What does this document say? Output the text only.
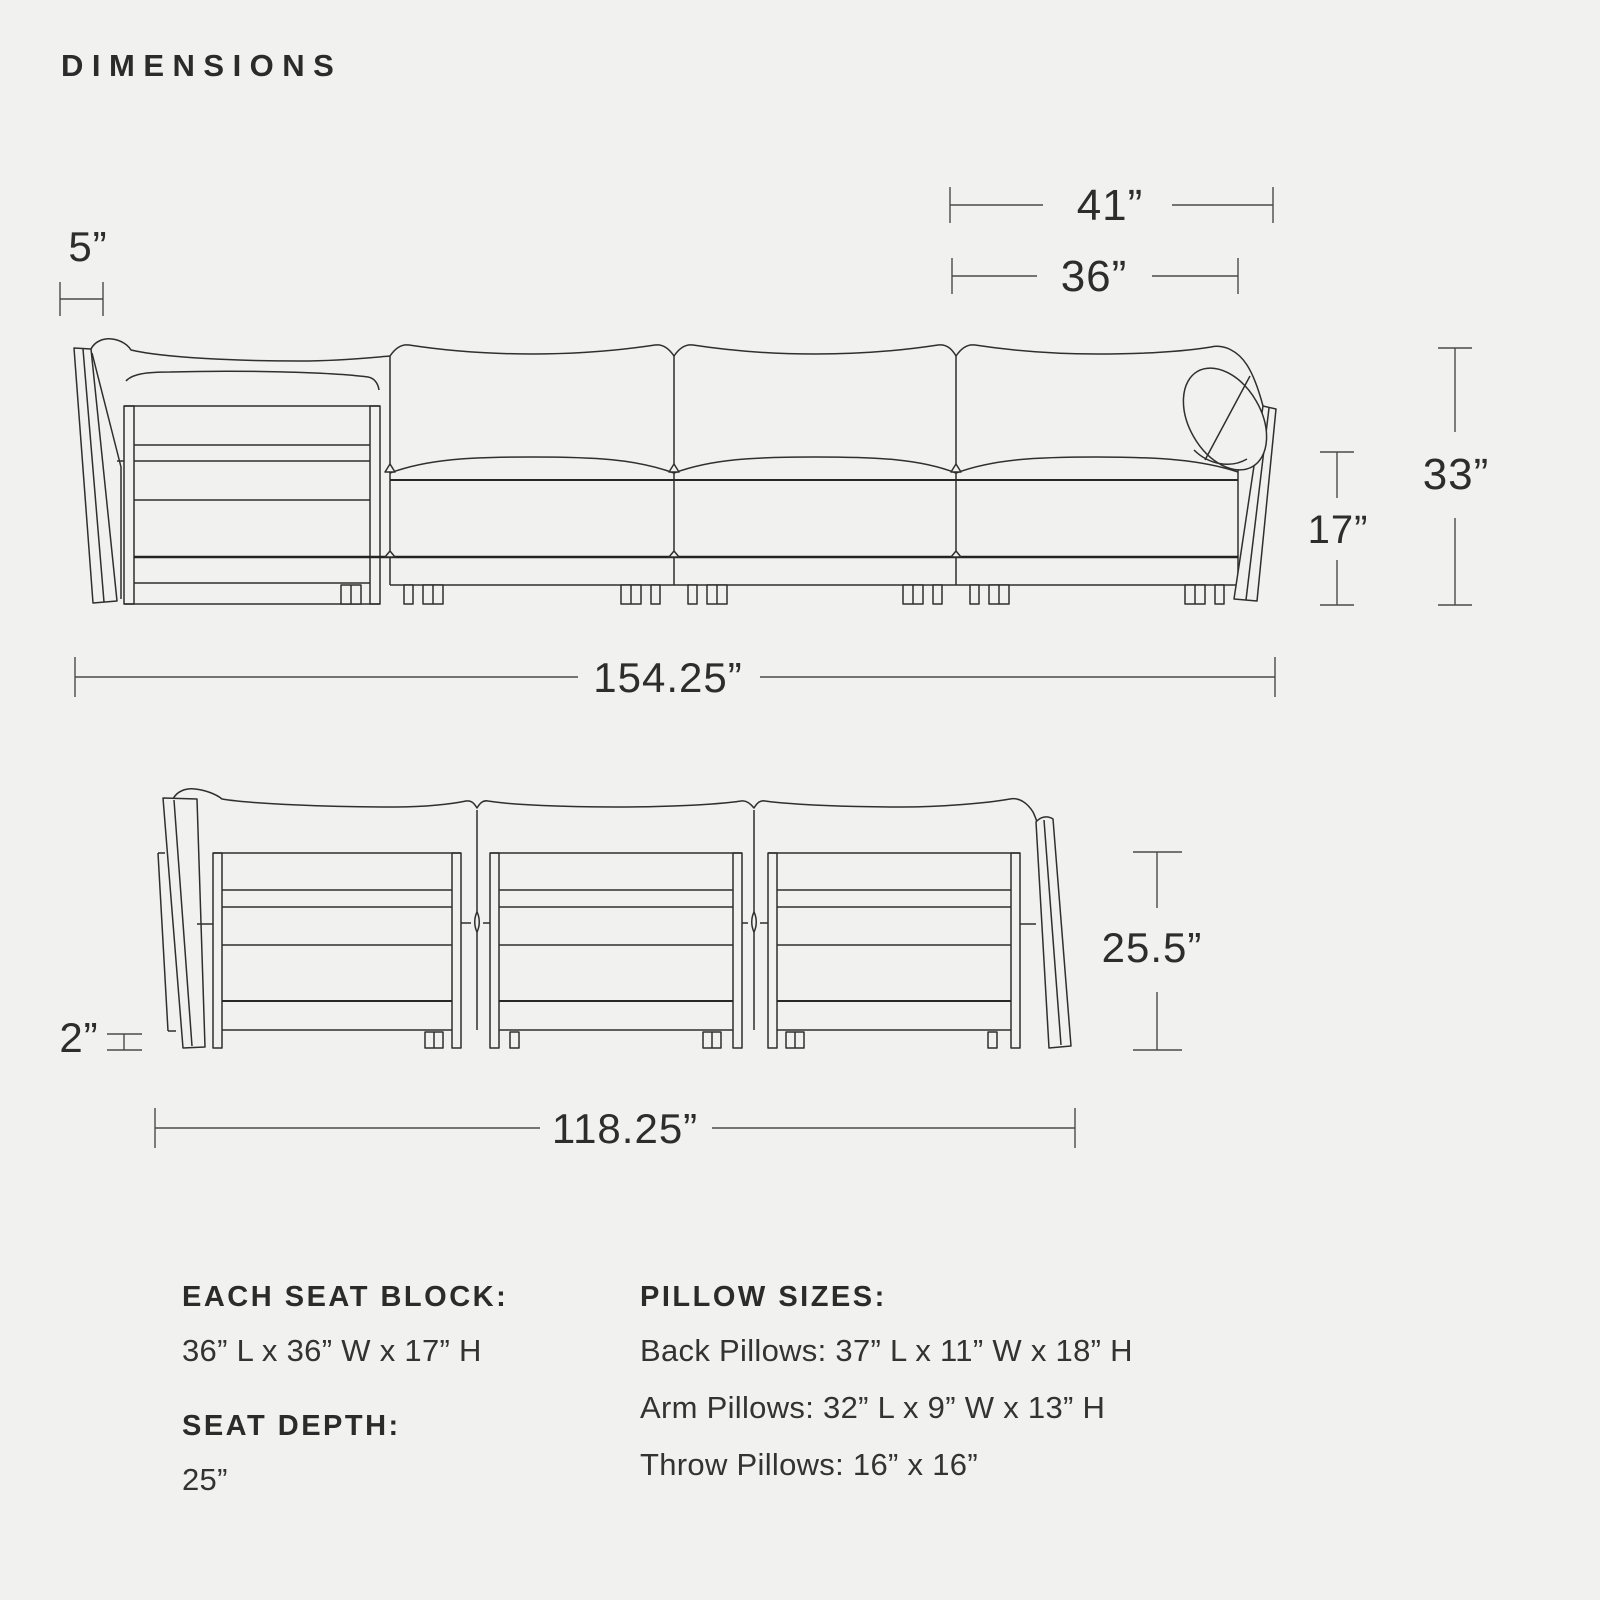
DIMENSIONS
5”
41”
36”
17”
33”
154.25”
2”
25.5”
118.25”

EACH SEAT BLOCK:

36” L x 36” W x 17” H

SEAT DEPTH:

25”

PILLOW SIZES:

Back Pillows: 37” L x 11” W x 18” H

Arm Pillows: 32” L x 9” W x 13” H

Throw Pillows: 16” x 16”
